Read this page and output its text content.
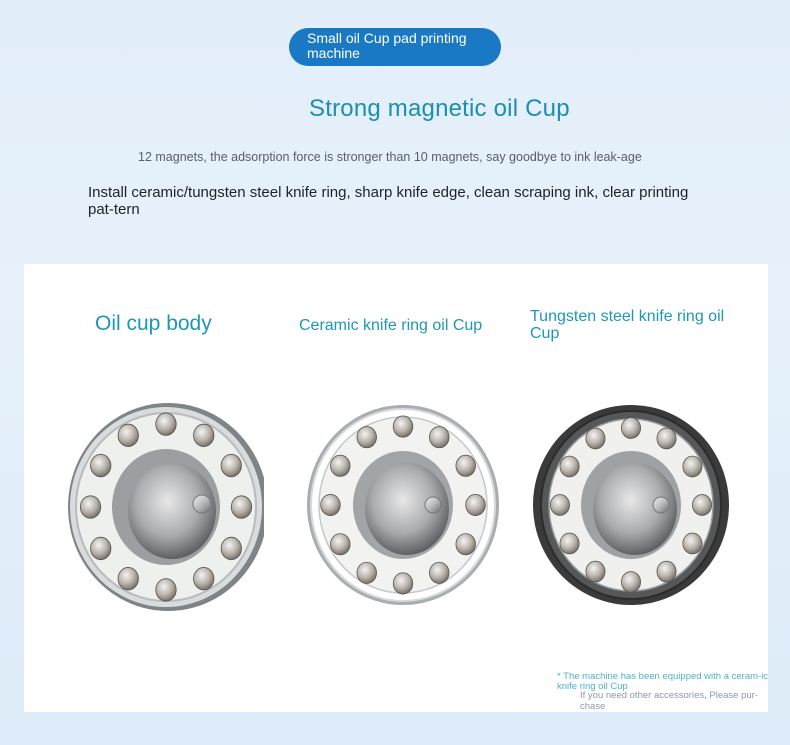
Small oil Cup pad printing machine
Strong magnetic oil Cup
12 magnets, the adsorption force is stronger than 10 magnets, say goodbye to ink leak-age
Install ceramic/tungsten steel knife ring, sharp knife edge, clean scraping ink, clear printing pat-tern
Oil cup body	Ceramic knife ring oil Cup
Tungsten steel knife ring oil Cup
* The machine has been equipped with a ceram-ic knife ring oil Cup
If you need other accessories, Please pur-chase
